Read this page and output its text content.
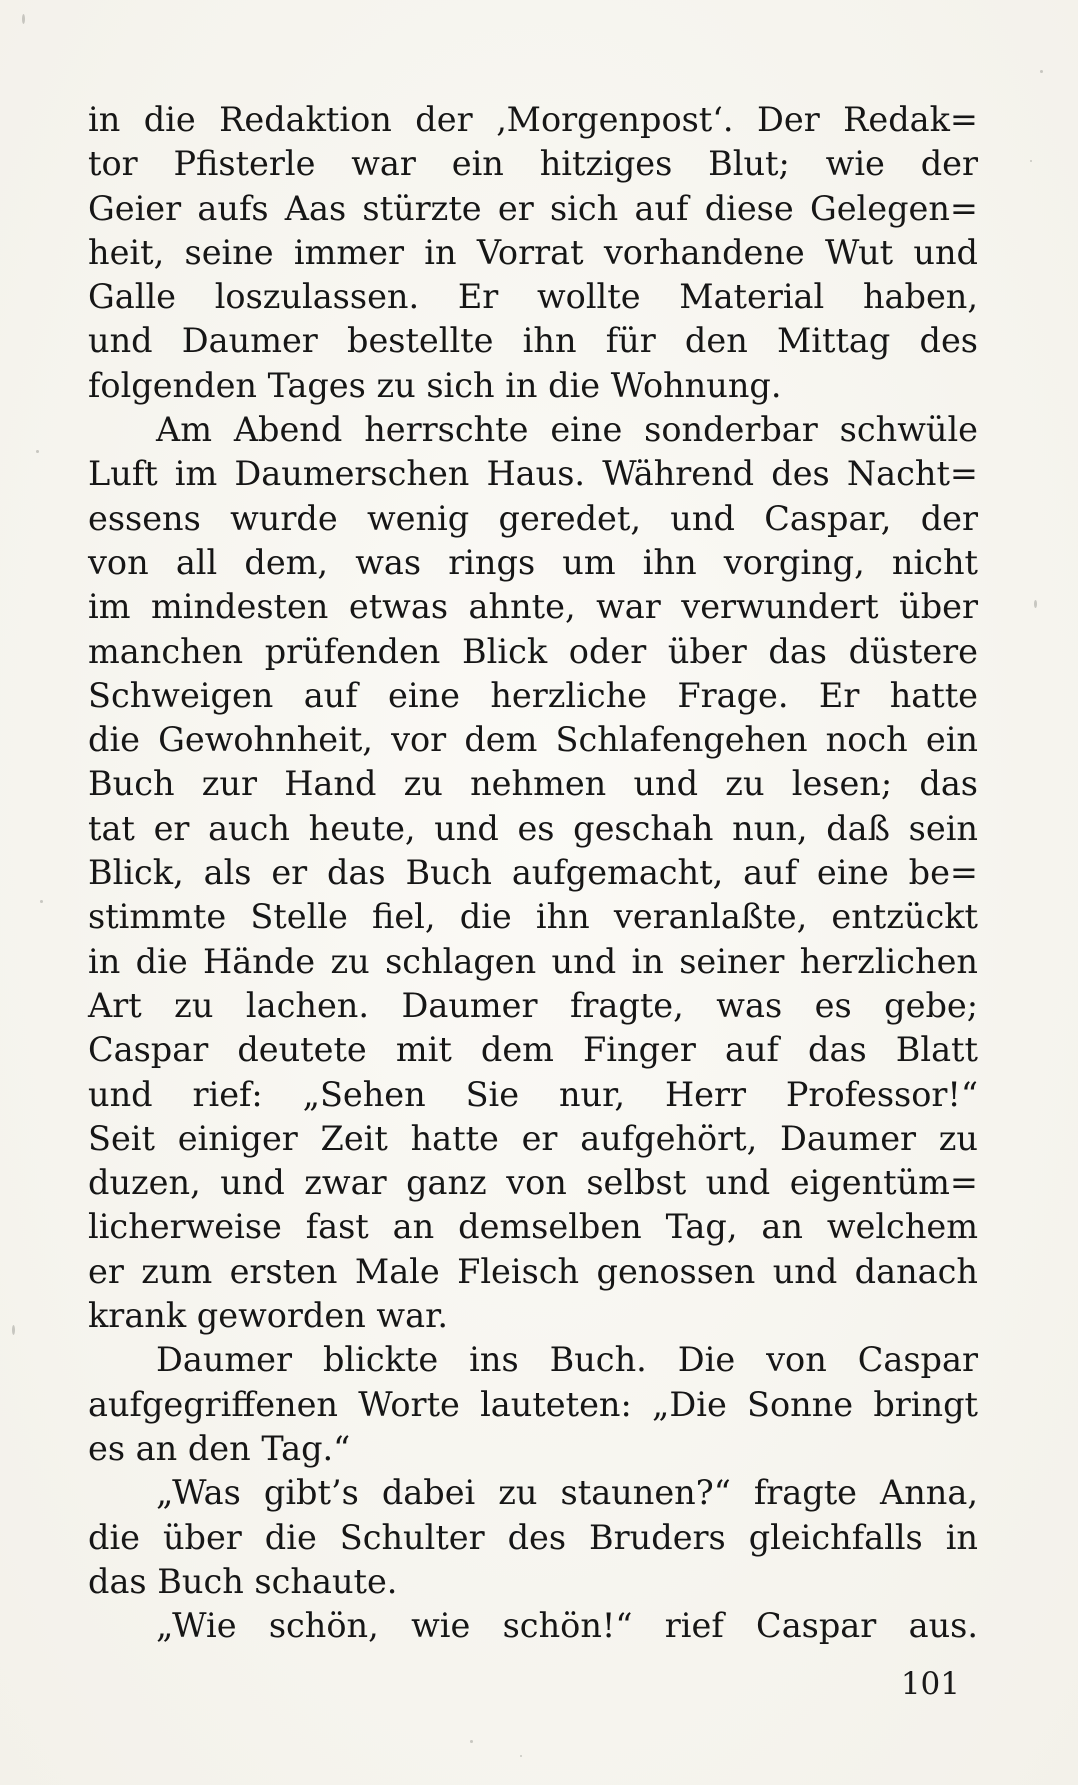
in die Redaktion der ‚Morgenpost‘. Der Redak=
tor Pfisterle war ein hitziges Blut; wie der
Geier aufs Aas stürzte er sich auf diese Gelegen=
heit, seine immer in Vorrat vorhandene Wut und
Galle loszulassen. Er wollte Material haben,
und Daumer bestellte ihn für den Mittag des
folgenden Tages zu sich in die Wohnung.
Am Abend herrschte eine sonderbar schwüle
Luft im Daumerschen Haus. Während des Nacht=
essens wurde wenig geredet, und Caspar, der
von all dem, was rings um ihn vorging, nicht
im mindesten etwas ahnte, war verwundert über
manchen prüfenden Blick oder über das düstere
Schweigen auf eine herzliche Frage. Er hatte
die Gewohnheit, vor dem Schlafengehen noch ein
Buch zur Hand zu nehmen und zu lesen; das
tat er auch heute, und es geschah nun, daß sein
Blick, als er das Buch aufgemacht, auf eine be=
stimmte Stelle fiel, die ihn veranlaßte, entzückt
in die Hände zu schlagen und in seiner herzlichen
Art zu lachen. Daumer fragte, was es gebe;
Caspar deutete mit dem Finger auf das Blatt
und rief: „Sehen Sie nur, Herr Professor!“
Seit einiger Zeit hatte er aufgehört, Daumer zu
duzen, und zwar ganz von selbst und eigentüm=
licherweise fast an demselben Tag, an welchem
er zum ersten Male Fleisch genossen und danach
krank geworden war.
Daumer blickte ins Buch. Die von Caspar
aufgegriffenen Worte lauteten: „Die Sonne bringt
es an den Tag.“
„Was gibt’s dabei zu staunen?“ fragte Anna,
die über die Schulter des Bruders gleichfalls in
das Buch schaute.
„Wie schön, wie schön!“ rief Caspar aus.
101
